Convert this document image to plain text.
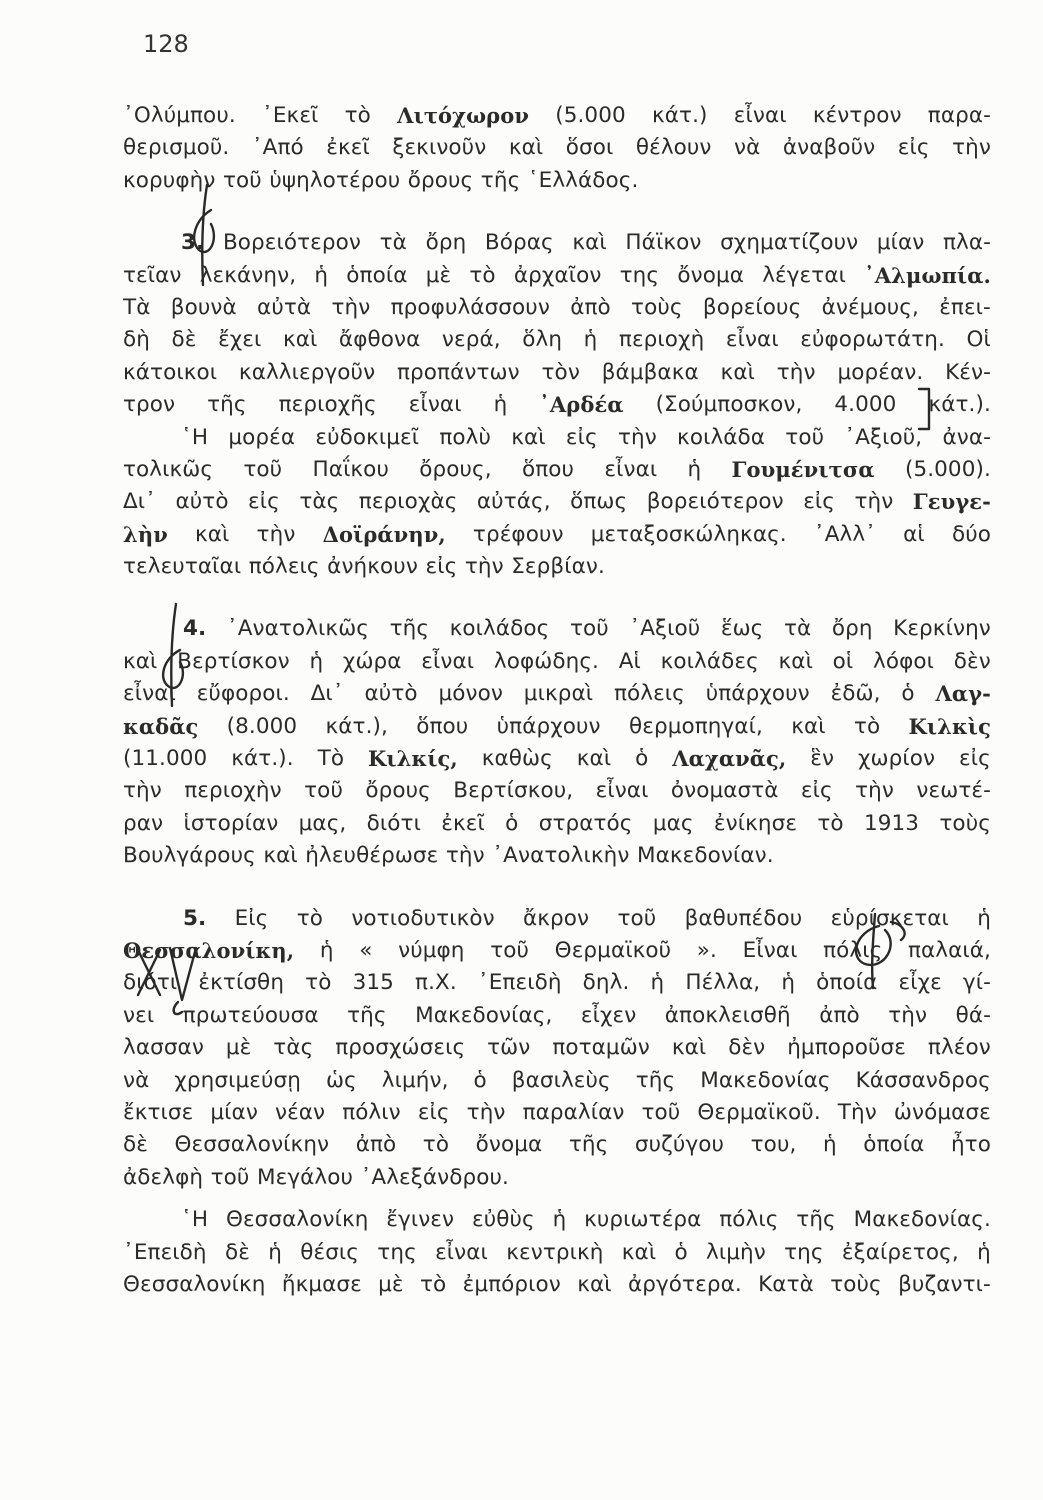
128
᾿Ολύμπου. ᾿Εκεῖ τὸ Λιτόχωρον (5.000 κάτ.) εἶναι κέντρον παρα-
θερισμοῦ. ᾿Από ἐκεῖ ξεκινοῦν καὶ ὅσοι θέλουν νὰ ἀναβοῦν εἰς τὴν
κορυφὴν τοῦ ὑψηλοτέρου ὄρους τῆς ῾Ελλάδος.
3. Βορειότερον τὰ ὄρη Βόρας καὶ Πάϊκον σχηματίζουν μίαν πλα-
τεῖαν λεκάνην, ἡ ὁποία μὲ τὸ ἀρχαῖον της ὄνομα λέγεται ᾿Αλμωπία.
Τὰ βουνὰ αὐτὰ τὴν προφυλάσσουν ἀπὸ τοὺς βορείους ἀνέμους, ἐπει-
δὴ δὲ ἔχει καὶ ἄφθονα νερά, ὅλη ἡ περιοχὴ εἶναι εὐφορωτάτη. Οἱ
κάτοικοι καλλιεργοῦν προπάντων τὸν βάμβακα καὶ τὴν μορέαν. Κέν-
τρον τῆς περιοχῆς εἶναι ἡ ᾿Αρδέα (Σούμποσκον, 4.000 κάτ.).
῾Η μορέα εὐδοκιμεῖ πολὺ καὶ εἰς τὴν κοιλάδα τοῦ ᾿Αξιοῦ, ἀνα-
τολικῶς τοῦ Παΐκου ὄρους, ὅπου εἶναι ἡ Γουμένιτσα (5.000).
Δι᾿ αὐτὸ εἰς τὰς περιοχὰς αὐτάς, ὅπως βορειότερον εἰς τὴν Γευγε-
λὴν καὶ τὴν Δοϊράνην, τρέφουν μεταξοσκώληκας. ᾿Αλλ᾿ αἱ δύο
τελευταῖαι πόλεις ἀνήκουν εἰς τὴν Σερβίαν.
4. ᾿Ανατολικῶς τῆς κοιλάδος τοῦ ᾿Αξιοῦ ἕως τὰ ὄρη Κερκίνην
καὶ Βερτίσκον ἡ χώρα εἶναι λοφώδης. Αἱ κοιλάδες καὶ οἱ λόφοι δὲν
εἶναι εὔφοροι. Δι᾿ αὐτὸ μόνον μικραὶ πόλεις ὑπάρχουν ἐδῶ, ὁ Λαγ-
καδᾶς (8.000 κάτ.), ὅπου ὑπάρχουν θερμοπηγαί, καὶ τὸ Κιλκὶς
(11.000 κάτ.). Τὸ Κιλκίς, καθὼς καὶ ὁ Λαχανᾶς, ἓν χωρίον εἰς
τὴν περιοχὴν τοῦ ὄρους Βερτίσκου, εἶναι ὀνομαστὰ εἰς τὴν νεωτέ-
ραν ἱστορίαν μας, διότι ἐκεῖ ὁ στρατός μας ἐνίκησε τὸ 1913 τοὺς
Βουλγάρους καὶ ἠλευθέρωσε τὴν ᾿Ανατολικὴν Μακεδονίαν.
5. Εἰς τὸ νοτιοδυτικὸν ἄκρον τοῦ βαθυπέδου εὑρίσκεται ἡ
Θεσσαλονίκη, ἡ « νύμφη τοῦ Θερμαϊκοῦ ». Εἶναι πόλις παλαιά,
διότι ἐκτίσθη τὸ 315 π.Χ. ᾿Επειδὴ δηλ. ἡ Πέλλα, ἡ ὁποία εἶχε γί-
νει πρωτεύουσα τῆς Μακεδονίας, εἶχεν ἀποκλεισθῆ ἀπὸ τὴν θά-
λασσαν μὲ τὰς προσχώσεις τῶν ποταμῶν καὶ δὲν ἠμποροῦσε πλέον
νὰ χρησιμεύσῃ ὡς λιμήν, ὁ βασιλεὺς τῆς Μακεδονίας Κάσσανδρος
ἔκτισε μίαν νέαν πόλιν εἰς τὴν παραλίαν τοῦ Θερμαϊκοῦ. Τὴν ὠνόμασε
δὲ Θεσσαλονίκην ἀπὸ τὸ ὄνομα τῆς συζύγου του, ἡ ὁποία ἦτο
ἀδελφὴ τοῦ Μεγάλου ᾿Αλεξάνδρου.
῾Η Θεσσαλονίκη ἔγινεν εὐθὺς ἡ κυριωτέρα πόλις τῆς Μακεδονίας.
᾿Επειδὴ δὲ ἡ θέσις της εἶναι κεντρικὴ καὶ ὁ λιμὴν της ἐξαίρετος, ἡ
Θεσσαλονίκη ἤκμασε μὲ τὸ ἐμπόριον καὶ ἀργότερα. Κατὰ τοὺς βυζαντι-
